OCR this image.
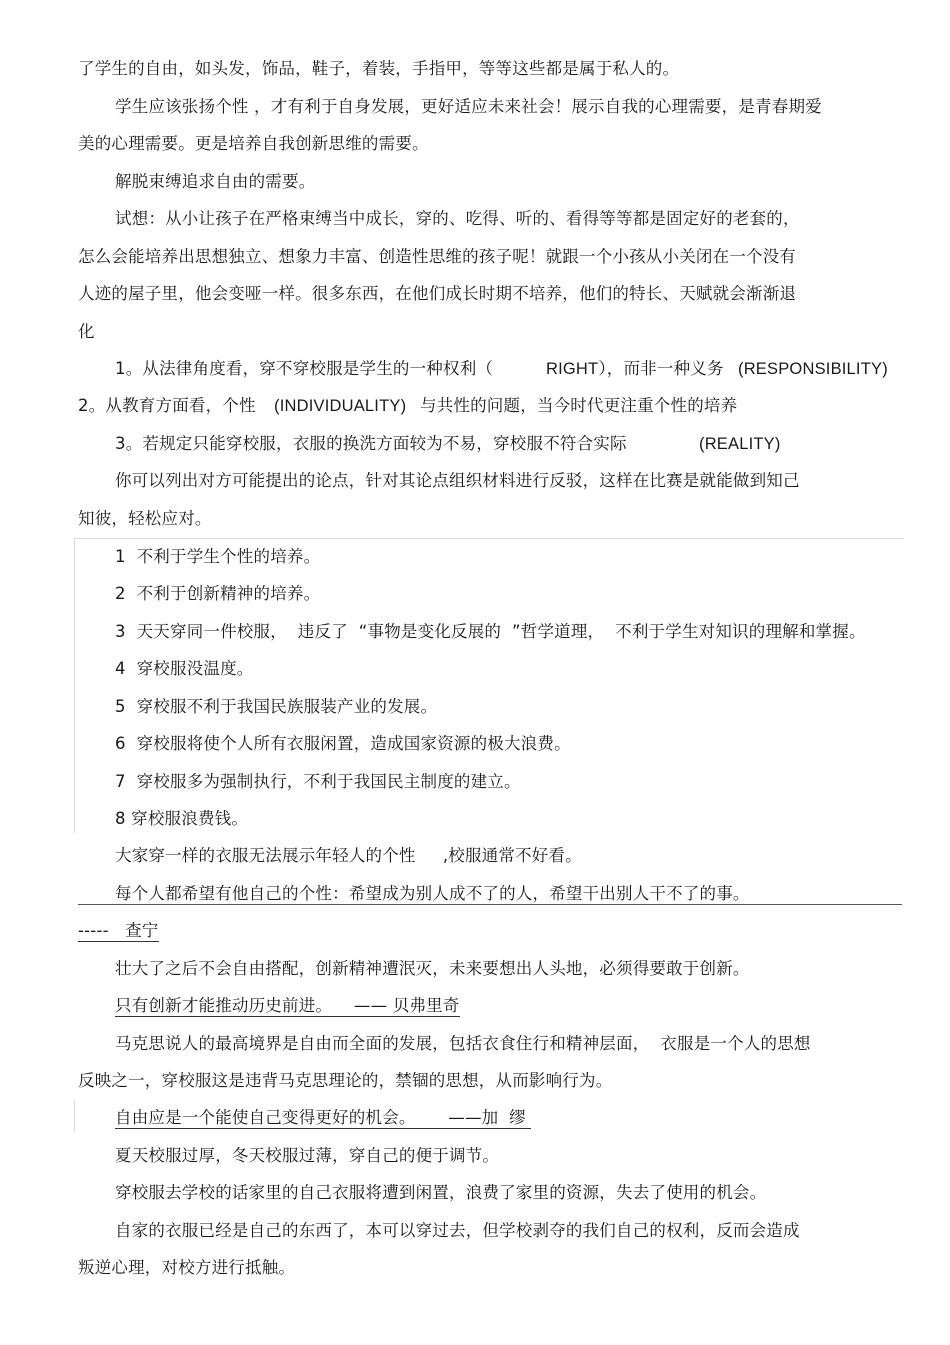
了学生的自由，如头发，饰品，鞋子，着装，手指甲，等等这些都是属于私人的。
学生应该张扬个性 ，才有利于自身发展，更好适应未来社会！展示自我的心理需要，是青春期爱
美的心理需要。更是培养自我创新思维的需要。
解脱束缚追求自由的需要。
试想：从小让孩子在严格束缚当中成长，穿的、吃得、听的、看得等等都是固定好的老套的，
怎么会能培养出思想独立、想象力丰富、创造性思维的孩子呢！就跟一个小孩从小关闭在一个没有
人迹的屋子里，他会变哑一样。很多东西，在他们成长时期不培养，他们的特长、天赋就会渐渐退
化
1。从法律角度看，穿不穿校服是学生的一种权利（	RIGHT），而非一种义务 (RESPONSIBILITY)
2。从教育方面看，个性 (INDIVIDUALITY) 与共性的问题，当今时代更注重个性的培养
3。若规定只能穿校服，衣服的换洗方面较为不易，穿校服不符合实际	(REALITY)
你可以列出对方可能提出的论点，针对其论点组织材料进行反驳，这样在比赛是就能做到知己
知彼，轻松应对。
1  不利于学生个性的培养。
2  不利于创新精神的培养。
3  天天穿同一件校服，  违反了  “事物是变化反展的  ”哲学道理，  不利于学生对知识的理解和掌握。
4  穿校服没温度。
5  穿校服不利于我国民族服装产业的发展。
6  穿校服将使个人所有衣服闲置，造成国家资源的极大浪费。
7  穿校服多为强制执行，不利于我国民主制度的建立。
8 穿校服浪费钱。
大家穿一样的衣服无法展示年轻人的个性     ,校服通常不好看。
每个人都希望有他自己的个性：希望成为别人成不了的人，希望干出别人干不了的事。
-----   查宁
壮大了之后不会自由搭配，创新精神遭泯灭，未来要想出人头地，必须得要敢于创新。
只有创新才能推动历史前进。    —— 贝弗里奇
马克思说人的最高境界是自由而全面的发展，包括衣食住行和精神层面，  衣服是一个人的思想
反映之一，穿校服这是违背马克思理论的，禁锢的思想，从而影响行为。
自由应是一个能使自己变得更好的机会。      ——加  缪
夏天校服过厚，冬天校服过薄，穿自己的便于调节。
穿校服去学校的话家里的自己衣服将遭到闲置，浪费了家里的资源，失去了使用的机会。
自家的衣服已经是自己的东西了，本可以穿过去，但学校剥夺的我们自己的权利，反而会造成
叛逆心理，对校方进行抵触。
